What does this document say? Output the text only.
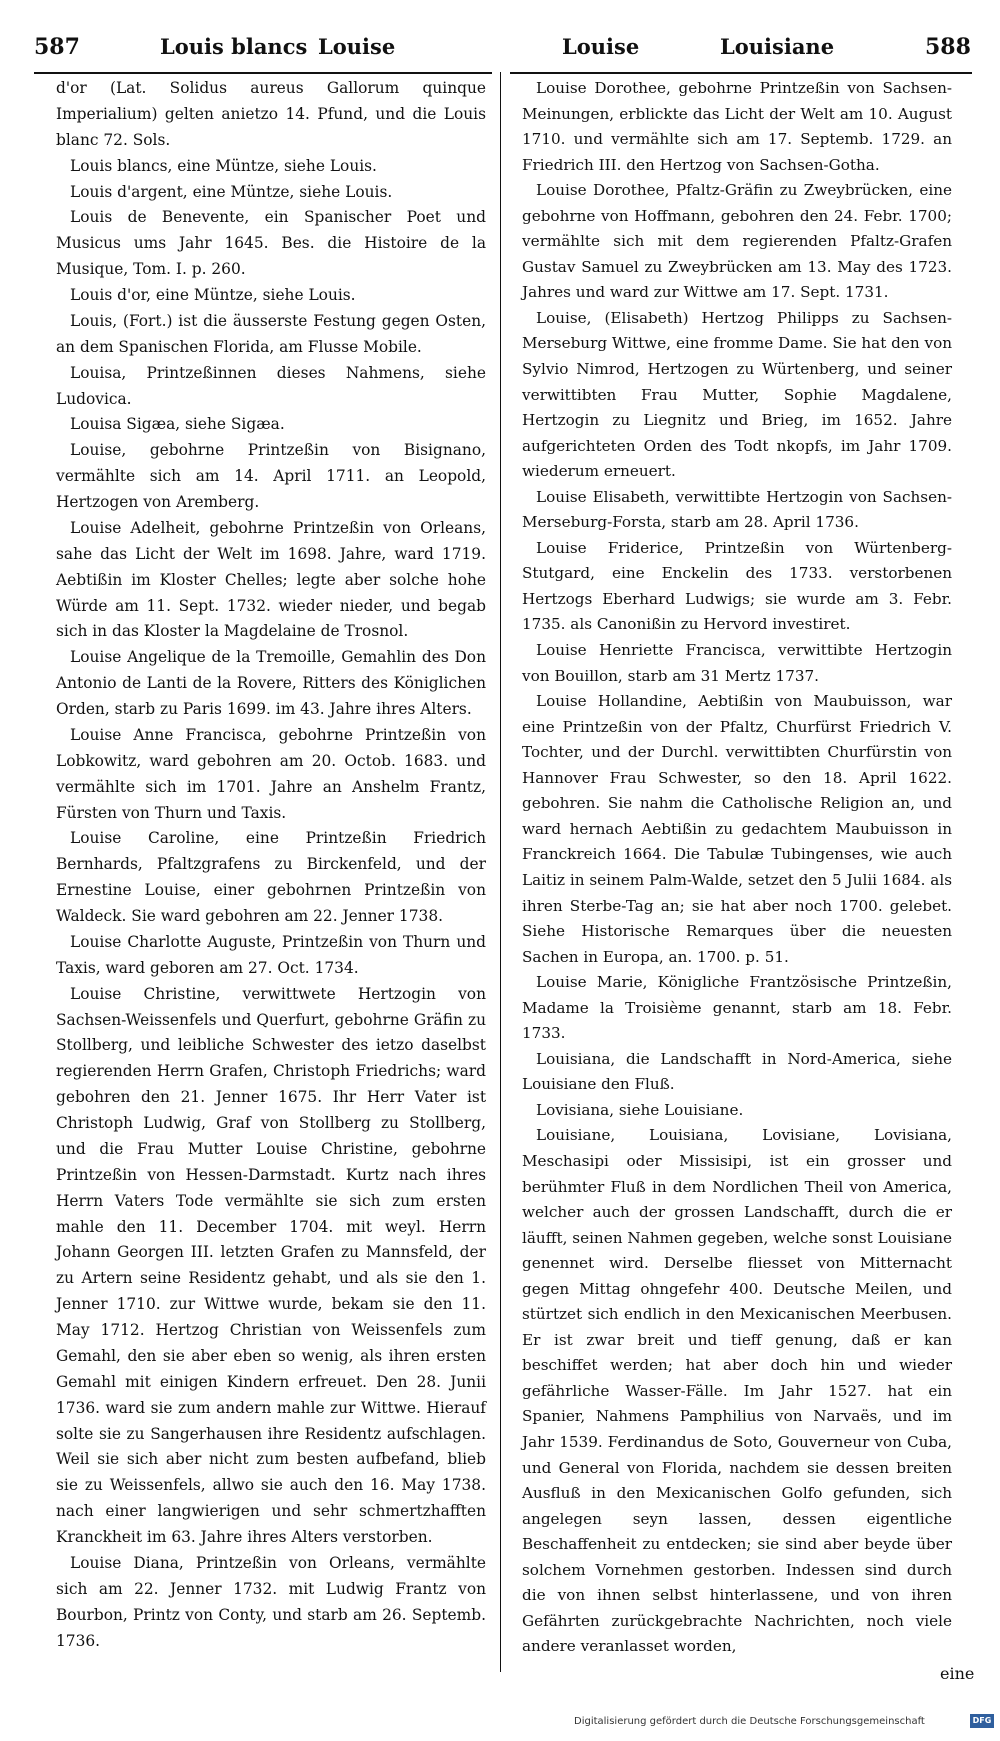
587	Louis blancs Louise	Louise	Louisiane	588

d'or (Lat. Solidus aureus Gallorum quinque Imperialium) gelten anietzo 14. Pfund, und die Louis blanc 72. Sols.

Louis blancs, eine Müntze, siehe Louis.

Louis d'argent, eine Müntze, siehe Louis.

Louis de Benevente, ein Spanischer Poet und Musicus ums Jahr 1645. Bes. die Histoire de la Musique, Tom. I. p. 260.

Louis d'or, eine Müntze, siehe Louis.

Louis, (Fort.) ist die äusserste Festung gegen Osten, an dem Spanischen Florida, am Flusse Mobile.

Louisa, Printzeßinnen dieses Nahmens, siehe Ludovica.

Louisa Sigæa, siehe Sigæa.

Louise, gebohrne Printzeßin von Bisignano, vermählte sich am 14. April 1711. an Leopold, Hertzogen von Aremberg.

Louise Adelheit, gebohrne Printzeßin von Orleans, sahe das Licht der Welt im 1698. Jahre, ward 1719. Aebtißin im Kloster Chelles; legte aber solche hohe Würde am 11. Sept. 1732. wieder nieder, und begab sich in das Kloster la Magdelaine de Trosnol.

Louise Angelique de la Tremoille, Gemahlin des Don Antonio de Lanti de la Rovere, Ritters des Königlichen Orden, starb zu Paris 1699. im 43. Jahre ihres Alters.

Louise Anne Francisca, gebohrne Printzeßin von Lobkowitz, ward gebohren am 20. Octob. 1683. und vermählte sich im 1701. Jahre an Anshelm Frantz, Fürsten von Thurn und Taxis.

Louise Caroline, eine Printzeßin Friedrich Bernhards, Pfaltzgrafens zu Birckenfeld, und der Ernestine Louise, einer gebohrnen Printzeßin von Waldeck. Sie ward gebohren am 22. Jenner 1738.

Louise Charlotte Auguste, Printzeßin von Thurn und Taxis, ward geboren am 27. Oct. 1734.

Louise Christine, verwittwete Hertzogin von Sachsen-Weissenfels und Querfurt, gebohrne Gräfin zu Stollberg, und leibliche Schwester des ietzo daselbst regierenden Herrn Grafen, Christoph Friedrichs; ward gebohren den 21. Jenner 1675. Ihr Herr Vater ist Christoph Ludwig, Graf von Stollberg zu Stollberg, und die Frau Mutter Louise Christine, gebohrne Printzeßin von Hessen-Darmstadt. Kurtz nach ihres Herrn Vaters Tode vermählte sie sich zum ersten mahle den 11. December 1704. mit weyl. Herrn Johann Georgen III. letzten Grafen zu Mannsfeld, der zu Artern seine Residentz gehabt, und als sie den 1. Jenner 1710. zur Wittwe wurde, bekam sie den 11. May 1712. Hertzog Christian von Weissenfels zum Gemahl, den sie aber eben so wenig, als ihren ersten Gemahl mit einigen Kindern erfreuet. Den 28. Junii 1736. ward sie zum andern mahle zur Wittwe. Hierauf solte sie zu Sangerhausen ihre Residentz aufschlagen. Weil sie sich aber nicht zum besten aufbefand, blieb sie zu Weissenfels, allwo sie auch den 16. May 1738. nach einer langwierigen und sehr schmertzhafften Kranckheit im 63. Jahre ihres Alters verstorben.

Louise Diana, Printzeßin von Orleans, vermählte sich am 22. Jenner 1732. mit Ludwig Frantz von Bourbon, Printz von Conty, und starb am 26. Septemb. 1736.

Louise Dorothee, gebohrne Printzeßin von Sachsen-Meinungen, erblickte das Licht der Welt am 10. August 1710. und vermählte sich am 17. Septemb. 1729. an Friedrich III. den Hertzog von Sachsen-Gotha.

Louise Dorothee, Pfaltz-Gräfin zu Zweybrücken, eine gebohrne von Hoffmann, gebohren den 24. Febr. 1700; vermählte sich mit dem regierenden Pfaltz-Grafen Gustav Samuel zu Zweybrücken am 13. May des 1723. Jahres und ward zur Wittwe am 17. Sept. 1731.

Louise, (Elisabeth) Hertzog Philipps zu Sachsen-Merseburg Wittwe, eine fromme Dame. Sie hat den von Sylvio Nimrod, Hertzogen zu Würtenberg, und seiner verwittibten Frau Mutter, Sophie Magdalene, Hertzogin zu Liegnitz und Brieg, im 1652. Jahre aufgerichteten Orden des Todt nkopfs, im Jahr 1709. wiederum erneuert.

Louise Elisabeth, verwittibte Hertzogin von Sachsen-Merseburg-Forsta, starb am 28. April 1736.

Louise Friderice, Printzeßin von Würtenberg-Stutgard, eine Enckelin des 1733. verstorbenen Hertzogs Eberhard Ludwigs; sie wurde am 3. Febr. 1735. als Canonißin zu Hervord investiret.

Louise Henriette Francisca, verwittibte Hertzogin von Bouillon, starb am 31 Mertz 1737.

Louise Hollandine, Aebtißin von Maubuisson, war eine Printzeßin von der Pfaltz, Churfürst Friedrich V. Tochter, und der Durchl. verwittibten Churfürstin von Hannover Frau Schwester, so den 18. April 1622. gebohren. Sie nahm die Catholische Religion an, und ward hernach Aebtißin zu gedachtem Maubuisson in Franckreich 1664. Die Tabulæ Tubingenses, wie auch Laitiz in seinem Palm-Walde, setzet den 5 Julii 1684. als ihren Sterbe-Tag an; sie hat aber noch 1700. gelebet. Siehe Historische Remarques über die neuesten Sachen in Europa, an. 1700. p. 51.

Louise Marie, Königliche Frantzösische Printzeßin, Madame la Troisième genannt, starb am 18. Febr. 1733.

Louisiana, die Landschafft in Nord-America, siehe Louisiane den Fluß.

Lovisiana, siehe Louisiane.

Louisiane, Louisiana, Lovisiane, Lovisiana, Meschasipi oder Missisipi, ist ein grosser und berühmter Fluß in dem Nordlichen Theil von America, welcher auch der grossen Landschafft, durch die er läufft, seinen Nahmen gegeben, welche sonst Louisiane genennet wird. Derselbe fliesset von Mitternacht gegen Mittag ohngefehr 400. Deutsche Meilen, und stürtzet sich endlich in den Mexicanischen Meerbusen. Er ist zwar breit und tieff genung, daß er kan beschiffet werden; hat aber doch hin und wieder gefährliche Wasser-Fälle. Im Jahr 1527. hat ein Spanier, Nahmens Pamphilius von Narvaës, und im Jahr 1539. Ferdinandus de Soto, Gouverneur von Cuba, und General von Florida, nachdem sie dessen breiten Ausfluß in den Mexicanischen Golfo gefunden, sich angelegen seyn lassen, dessen eigentliche Beschaffenheit zu entdecken; sie sind aber beyde über solchem Vornehmen gestorben. Indessen sind durch die von ihnen selbst hinterlassene, und von ihren Gefährten zurückgebrachte Nachrichten, noch viele andere veranlasset worden,

eine
Digitalisierung gefördert durch die Deutsche Forschungsgemeinschaft	DFG
